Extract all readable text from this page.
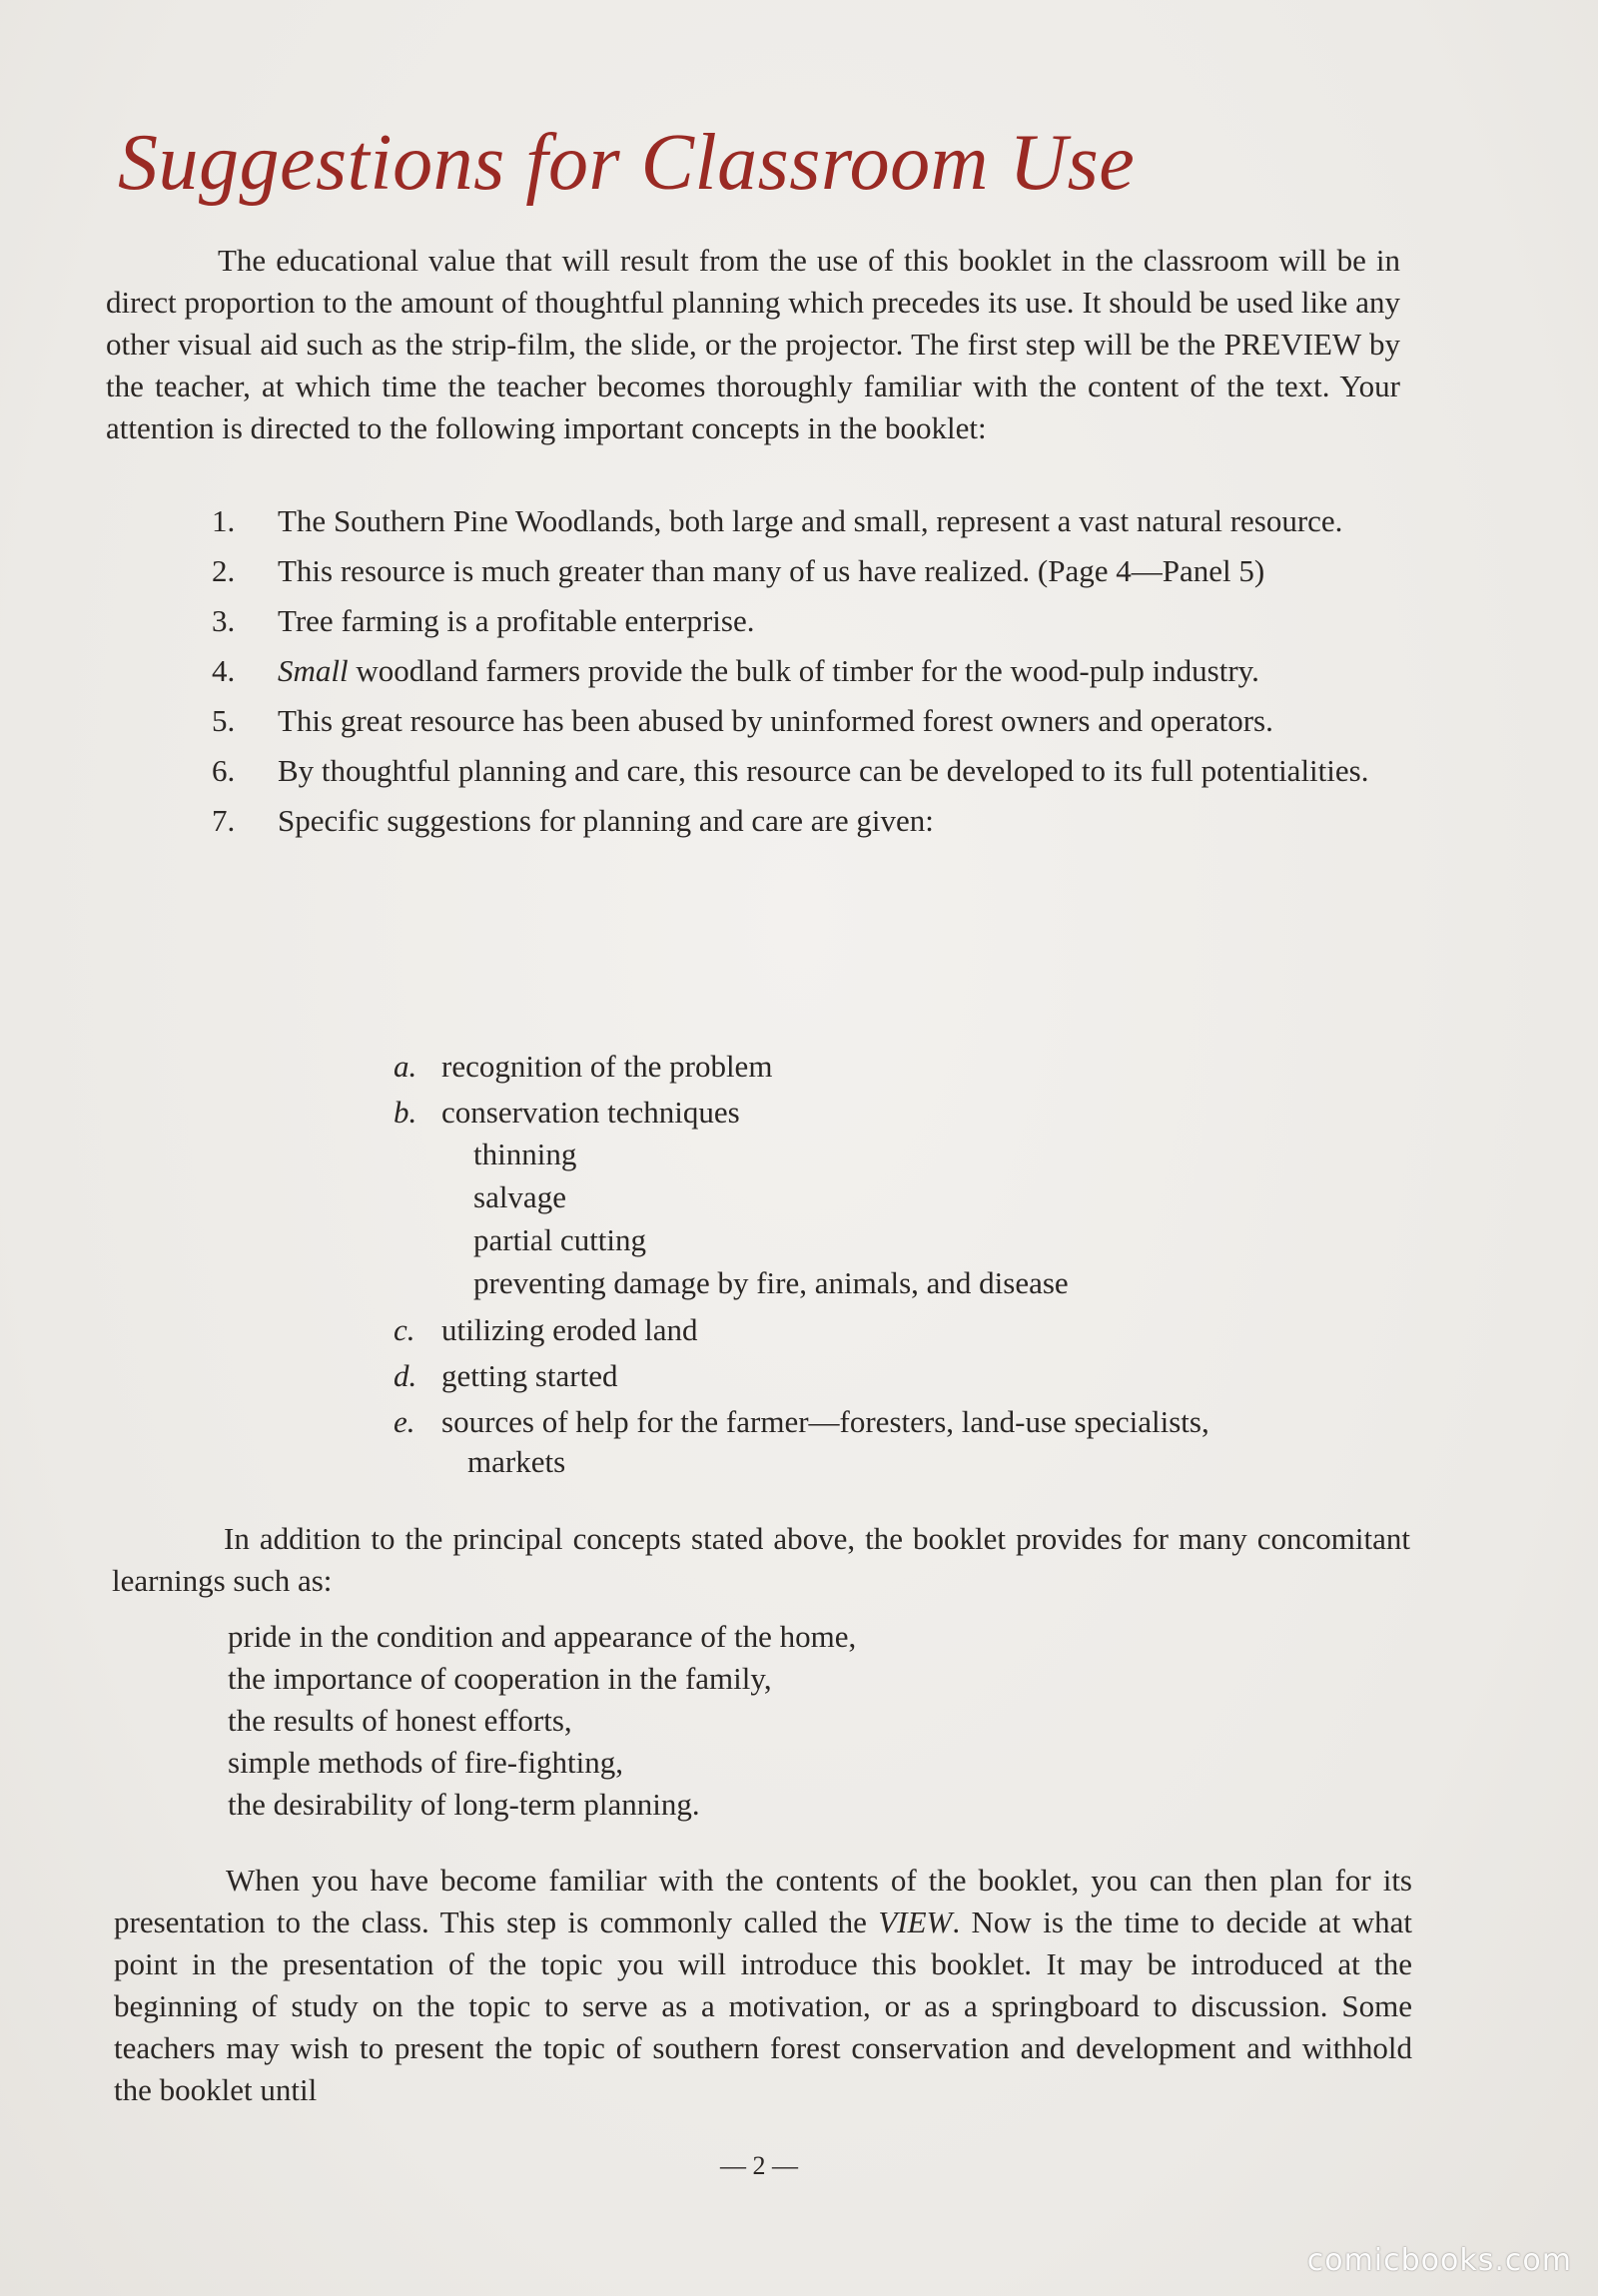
Suggestions for Classroom Use

The educational value that will result from the use of this booklet in the classroom will be in direct proportion to the amount of thoughtful planning which precedes its use. It should be used like any other visual aid such as the strip-film, the slide, or the projector. The first step will be the PREVIEW by the teacher, at which time the teacher becomes thoroughly familiar with the content of the text. Your attention is directed to the following important concepts in the booklet:

1. The Southern Pine Woodlands, both large and small, represent a vast natural resource.
2. This resource is much greater than many of us have realized. (Page 4—Panel 5)
3. Tree farming is a profitable enterprise.
4. Small woodland farmers provide the bulk of timber for the wood-pulp industry.
5. This great resource has been abused by uninformed forest owners and operators.
6. By thoughtful planning and care, this resource can be developed to its full potentialities.
7. Specific suggestions for planning and care are given:
a. recognition of the problem
b. conservation techniques
thinning
salvage
partial cutting
preventing damage by fire, animals, and disease
c. utilizing eroded land
d. getting started
e. sources of help for the farmer—foresters, land-use specialists,
markets

In addition to the principal concepts stated above, the booklet provides for many concomitant learnings such as:

pride in the condition and appearance of the home,
the importance of cooperation in the family,
the results of honest efforts,
simple methods of fire-fighting,
the desirability of long-term planning.

When you have become familiar with the contents of the booklet, you can then plan for its presentation to the class. This step is commonly called the VIEW. Now is the time to decide at what point in the presentation of the topic you will introduce this booklet. It may be introduced at the beginning of study on the topic to serve as a motivation, or as a springboard to discussion. Some teachers may wish to present the topic of southern forest conservation and development and withhold the booklet until

— 2 —
comicbooks.com
